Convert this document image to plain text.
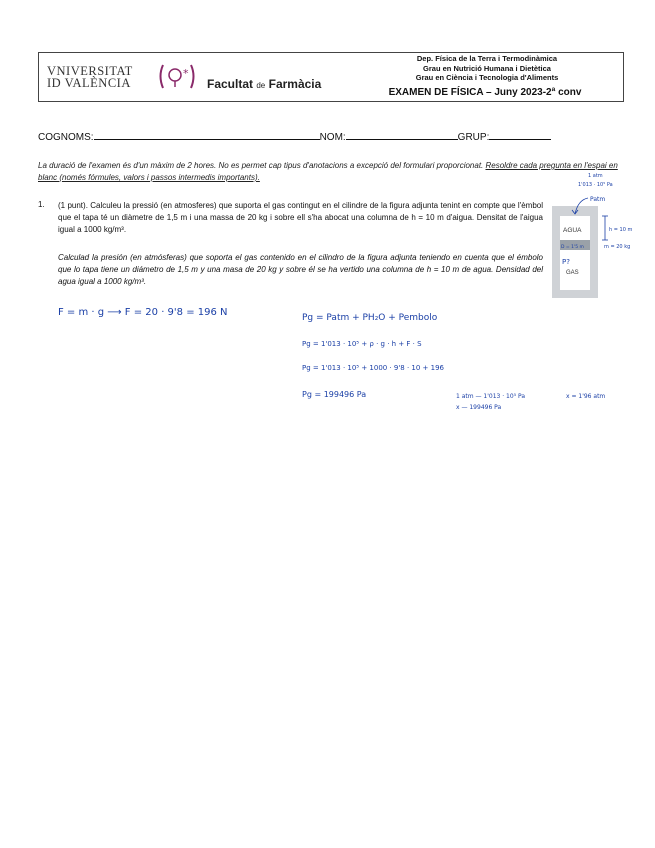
VNIVERSITAT
ID VALÈNCIA
*
Facultat de Farmàcia
Dep. Física de la Terra i Termodinàmica
Grau en Nutrició Humana i Dietètica
Grau en Ciència i Tecnologia d'Aliments
EXAMEN DE FÍSICA – Juny 2023-2ª conv
COGNOMS:	NOM:	GRUP:
La duració de l'examen és d'un màxim de 2 hores. No es permet cap tipus d'anotacions a excepció del formulari proporcionat. Resoldre cada pregunta en l'espai en blanc (només fórmules, valors i passos intermedis importants).
1. (1 punt). Calculeu la pressió (en atmosferes) que suporta el gas contingut en el cilindre de la figura adjunta tenint en compte que l'èmbol que el tapa té un diàmetre de 1,5 m i una massa de 20 kg i sobre ell s'ha abocat una columna de h = 10 m d'aigua. Densitat de l'aigua igual a 1000 kg/m³.
Calculad la presión (en atmósferas) que soporta el gas contenido en el cilindro de la figura adjunta teniendo en cuenta que el émbolo que lo tapa tiene un diámetro de 1,5 m y una masa de 20 kg y sobre él se ha vertido una columna de h = 10 m de agua. Densidad del agua igual a 1000 kg/m³.
AGUA
GAS
h = 10 m
D = 1'5 m	m = 20 kg
P?
1 atm
1'013 · 10⁵ Pa
Patm
F = m · g ⟶ F = 20 · 9'8 = 196 N	Pg = Patm + PH₂O + Pembolo
Pg = 1'013 · 10⁵ + ρ · g · h + F · S
Pg = 1'013 · 10⁵ + 1000 · 9'8 · 10 + 196
Pg = 199496 Pa	1 atm — 1'013 · 10⁵ Pa
x — 199496 Pa
x = 1'96 atm
